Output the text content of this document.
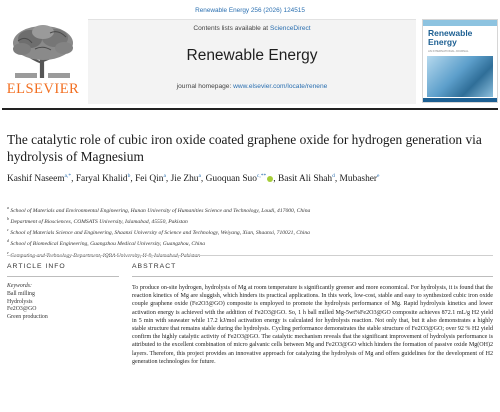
Renewable Energy 256 (2026) 124515
ELSEVIER
Contents lists available at ScienceDirect
Renewable Energy
journal homepage: www.elsevier.com/locate/renene
Renewable Energy
AN INTERNATIONAL JOURNAL
The catalytic role of cubic iron oxide coated graphene oxide for hydrogen generation via hydrolysis of Magnesium
Kashif Naseem$^{a,*}$, Faryal Khalid$^b$, Fei Qin$^a$, Jie Zhu$^a$, Guoquan Suo$^{c,**}$ , Basit Ali Shah$^d$, Mubasher$^e$
$^a$ School of Materials and Environmental Engineering, Hunan University of Humanities Science and Technology, Loudi, 417000, China
$^b$ Department of Biosciences, COMSATS University, Islamabad, 45550, Pakistan
$^c$ School of Materials Science and Engineering, Shaanxi University of Science and Technology, Weiyang, Xian, Shaanxi, 710021, China
$^d$ School of Biomedical Engineering, Guangzhou Medical University, Guangzhou, China
$^e$
ARTICLE INFO	ABSTRACT
Keywords:
Ball milling
Hydrolysis
Fe2O3@GO
Green production

To produce on-site hydrogen, hydrolysis of Mg at room temperature is significantly greener and more economical. For hydrolysis, it is found that the reaction kinetics of Mg are sluggish, which hinders its practical applications. In this work, low-cost, stable and easy to synthesized cubic iron oxide couple graphene oxide (Fe2O3@GO) composite is employed to promote the hydrolysis performance of Mg. Rapid hydrolysis kinetics and lower activation energy is achieved with the addition of Fe2O3@GO. So, 1 h ball milled Mg-5wt%Fe2O3@GO composite achieves 872.1 mL/g H2 yield in 5 min with seawater while 17.2 kJ/mol activation energy is calculated for hydrolysis reaction. Not only that, but it also demonstrates a highly stable structure that remains stable during the hydrolysis. Cycling performance demonstrates the stable structure of Fe2O3@GO; over 92 % H2 yield confirm the highly catalytic activity of Fe2O3@GO. The catalytic mechanism reveals that the significant improvement of hydrolysis performance is attributed to the excellent combination of micro galvanic cells between Mg and Fe2O3@GO which hinders the formation of passive oxide Mg(OH)2 layers. Therefore, this project provides an innovative approach for catalyzing the hydrolysis of Mg and offers guidelines for the development of H2 generation technologies for future.
